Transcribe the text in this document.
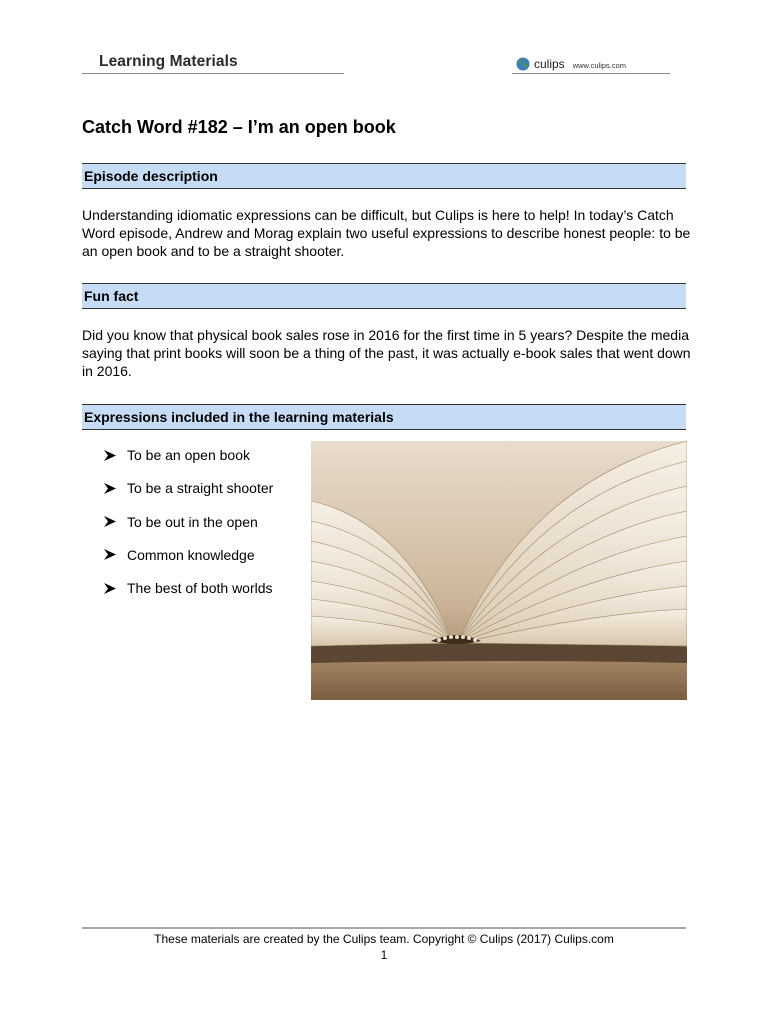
Learning Materials	culips www.culips.com
Catch Word #182 – I’m an open book
Episode description
Understanding idiomatic expressions can be difficult, but Culips is here to help! In today’s Catch Word episode, Andrew and Morag explain two useful expressions to describe honest people: to be an open book and to be a straight shooter.
Fun fact
Did you know that physical book sales rose in 2016 for the first time in 5 years? Despite the media saying that print books will soon be a thing of the past, it was actually e-book sales that went down in 2016.
Expressions included in the learning materials
To be an open book
To be a straight shooter
To be out in the open
Common knowledge
The best of both worlds
These materials are created by the Culips team. Copyright © Culips (2017) Culips.com
1
